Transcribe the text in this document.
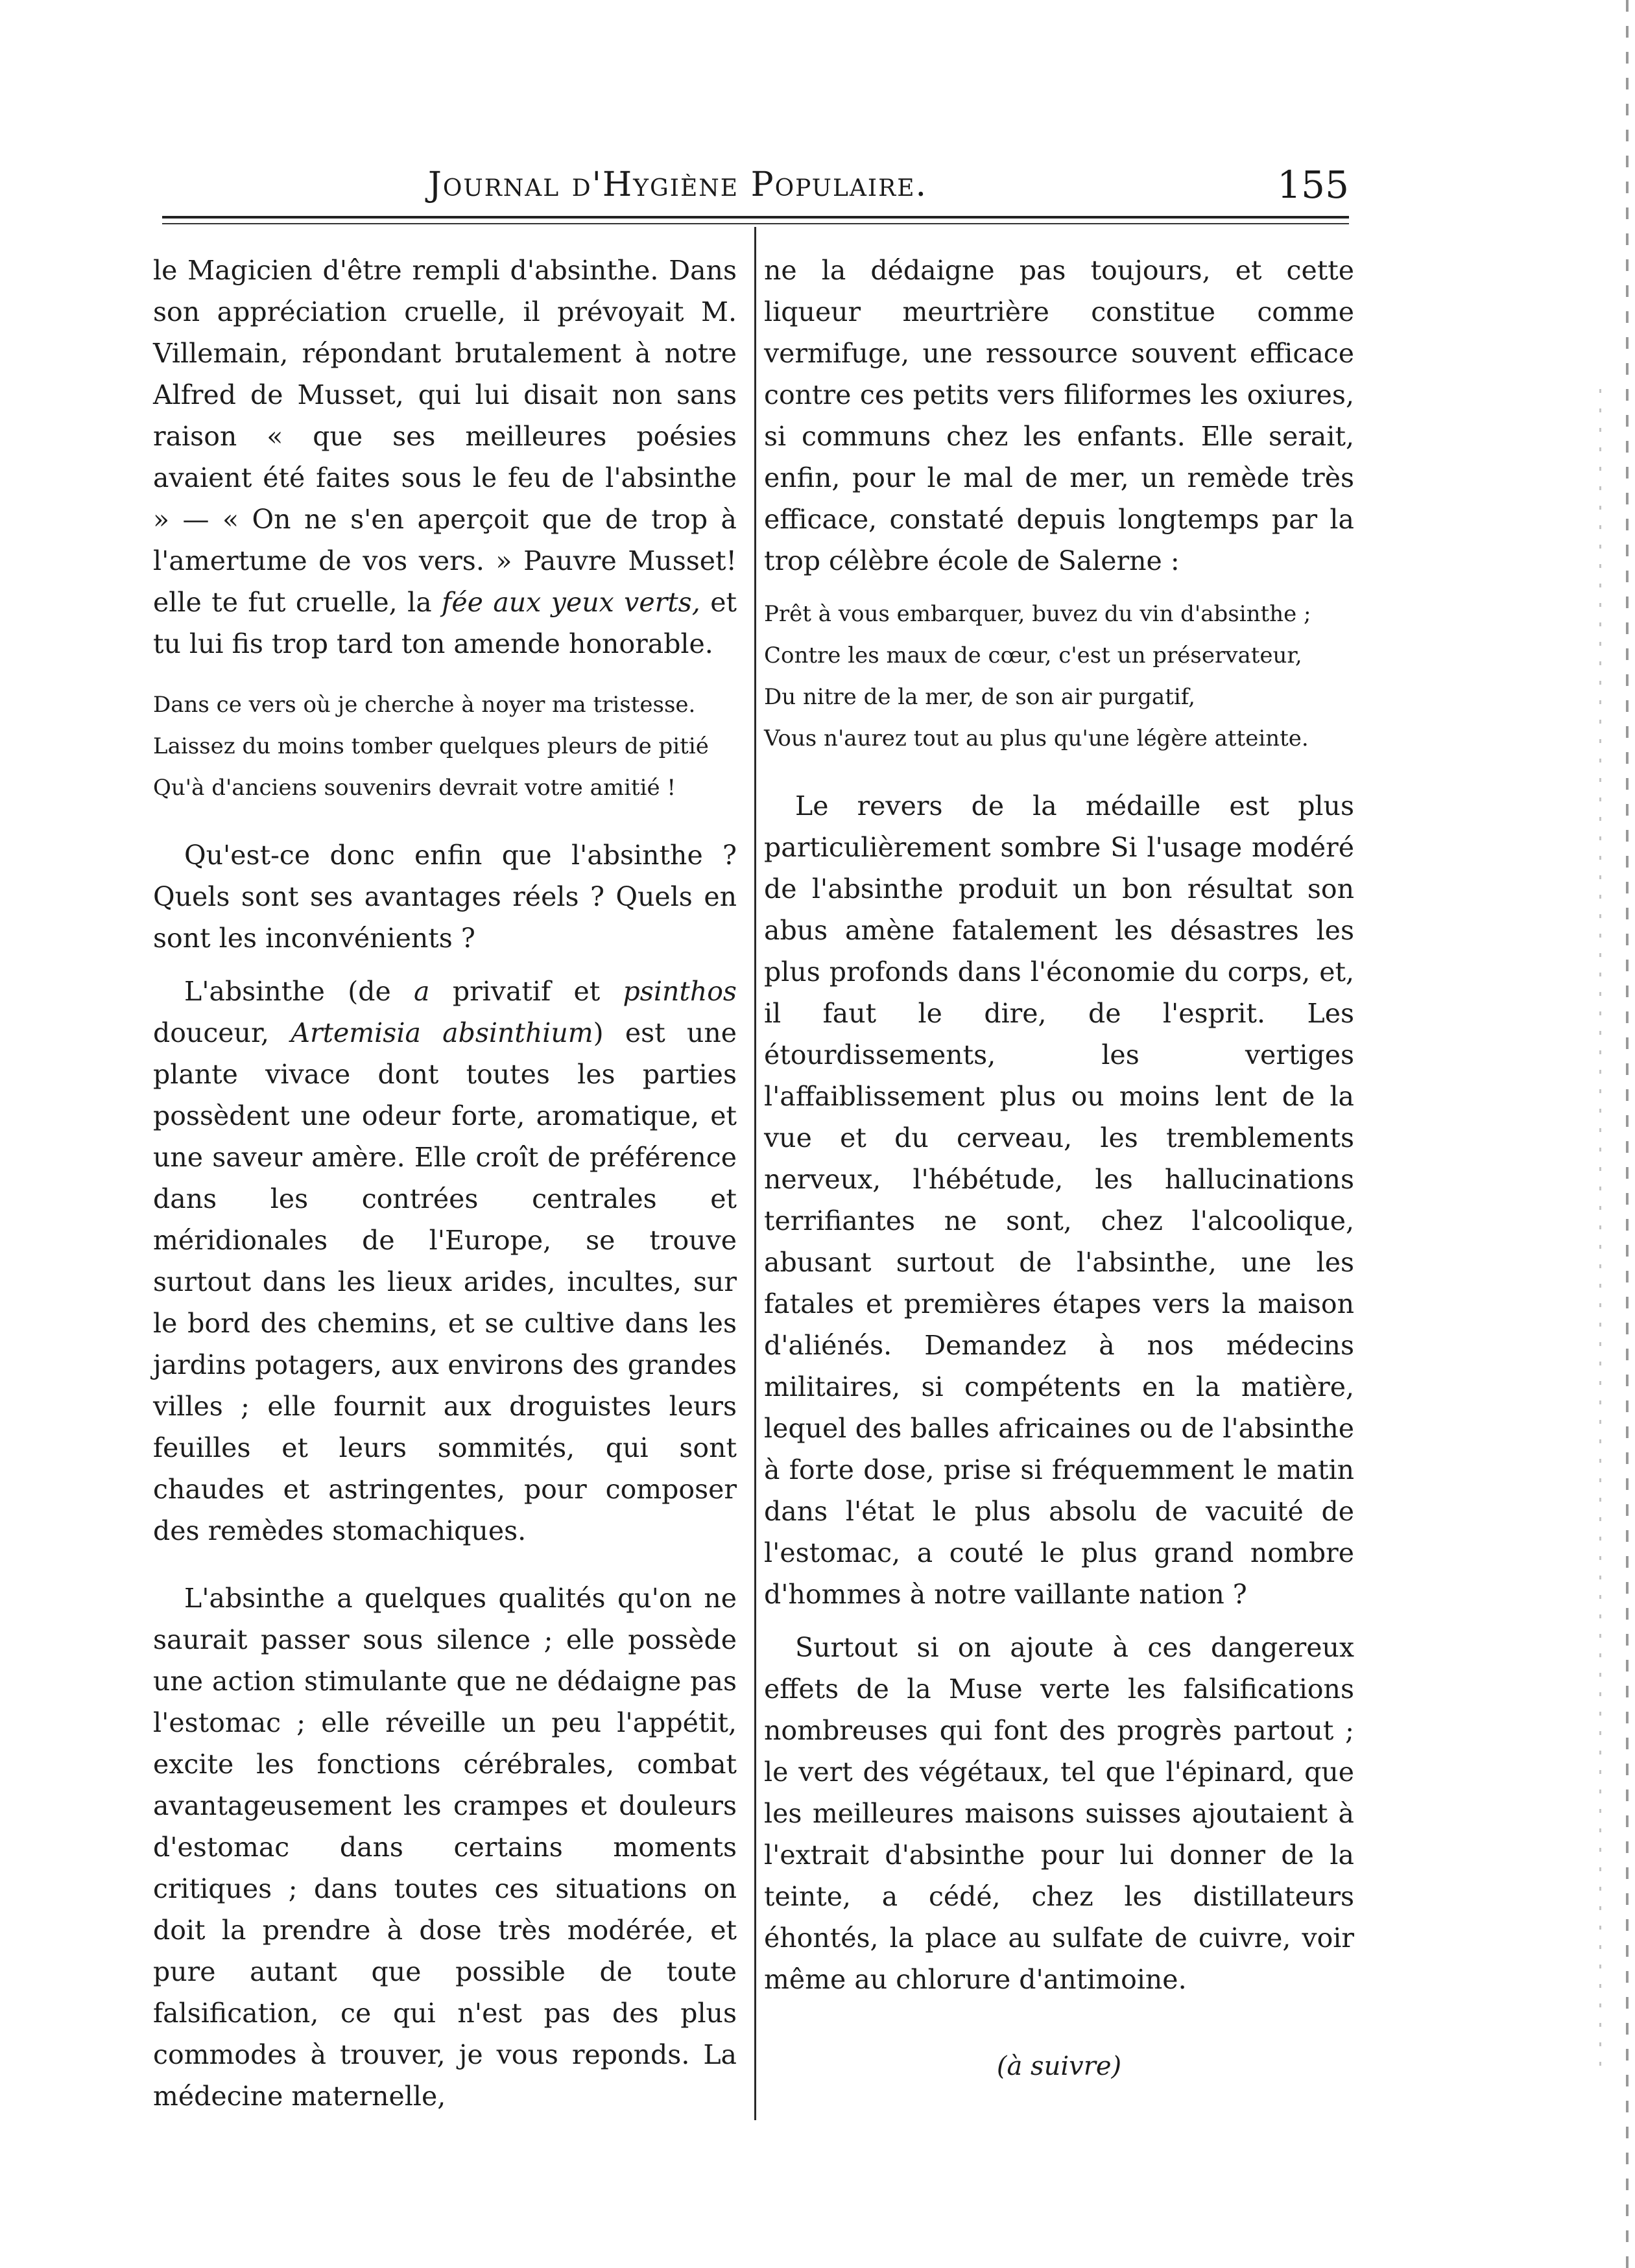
Journal d'Hygiène Populaire.	155

le Magicien d'être rempli d'absinthe. Dans son appréciation cruelle, il prévoyait M. Villemain, répondant brutalement à notre Alfred de Musset, qui lui disait non sans raison « que ses meilleures poésies avaient été faites sous le feu de l'absinthe » — « On ne s'en aperçoit que de trop à l'amertume de vos vers. » Pauvre Musset! elle te fut cruelle, la fée aux yeux verts, et tu lui fis trop tard ton amende honorable.

Dans ce vers où je cherche à noyer ma tristesse.
Laissez du moins tomber quelques pleurs de pitié
Qu'à d'anciens souvenirs devrait votre amitié !

Qu'est-ce donc enfin que l'absinthe ? Quels sont ses avantages réels ? Quels en sont les inconvénients ?

L'absinthe (de a privatif et psinthos douceur, Artemisia absinthium) est une plante vivace dont toutes les parties possèdent une odeur forte, aromatique, et une saveur amère. Elle croît de préférence dans les contrées centrales et méridionales de l'Europe, se trouve surtout dans les lieux arides, incultes, sur le bord des chemins, et se cultive dans les jardins potagers, aux environs des grandes villes ; elle fournit aux droguistes leurs feuilles et leurs sommités, qui sont chaudes et astringentes, pour composer des remèdes stomachiques.

L'absinthe a quelques qualités qu'on ne saurait passer sous silence ; elle possède une action stimulante que ne dédaigne pas l'estomac ; elle réveille un peu l'appétit, excite les fonctions cérébrales, combat avantageusement les crampes et douleurs d'estomac dans certains moments critiques ; dans toutes ces situations on doit la prendre à dose très modérée, et pure autant que possible de toute falsification, ce qui n'est pas des plus commodes à trouver, je vous reponds. La médecine maternelle,

ne la dédaigne pas toujours, et cette liqueur meurtrière constitue comme vermifuge, une ressource souvent efficace contre ces petits vers filiformes les oxiures, si communs chez les enfants. Elle serait, enfin, pour le mal de mer, un remède très efficace, constaté depuis longtemps par la trop célèbre école de Salerne :

Prêt à vous embarquer, buvez du vin d'absinthe ;
Contre les maux de cœur, c'est un préservateur,
Du nitre de la mer, de son air purgatif,
Vous n'aurez tout au plus qu'une légère atteinte.

Le revers de la médaille est plus particulièrement sombre Si l'usage modéré de l'absinthe produit un bon résultat son abus amène fatalement les désastres les plus profonds dans l'économie du corps, et, il faut le dire, de l'esprit. Les étourdissements, les vertiges l'affaiblissement plus ou moins lent de la vue et du cerveau, les tremblements nerveux, l'hébétude, les hallucinations terrifiantes ne sont, chez l'alcoolique, abusant surtout de l'absinthe, une les fatales et premières étapes vers la maison d'aliénés. Demandez à nos médecins militaires, si compétents en la matière, lequel des balles africaines ou de l'absinthe à forte dose, prise si fréquemment le matin dans l'état le plus absolu de vacuité de l'estomac, a couté le plus grand nombre d'hommes à notre vaillante nation ?

Surtout si on ajoute à ces dangereux effets de la Muse verte les falsifications nombreuses qui font des progrès partout ; le vert des végétaux, tel que l'épinard, que les meilleures maisons suisses ajoutaient à l'extrait d'absinthe pour lui donner de la teinte, a cédé, chez les distillateurs éhontés, la place au sulfate de cuivre, voir même au chlorure d'antimoine.

(à suivre)
